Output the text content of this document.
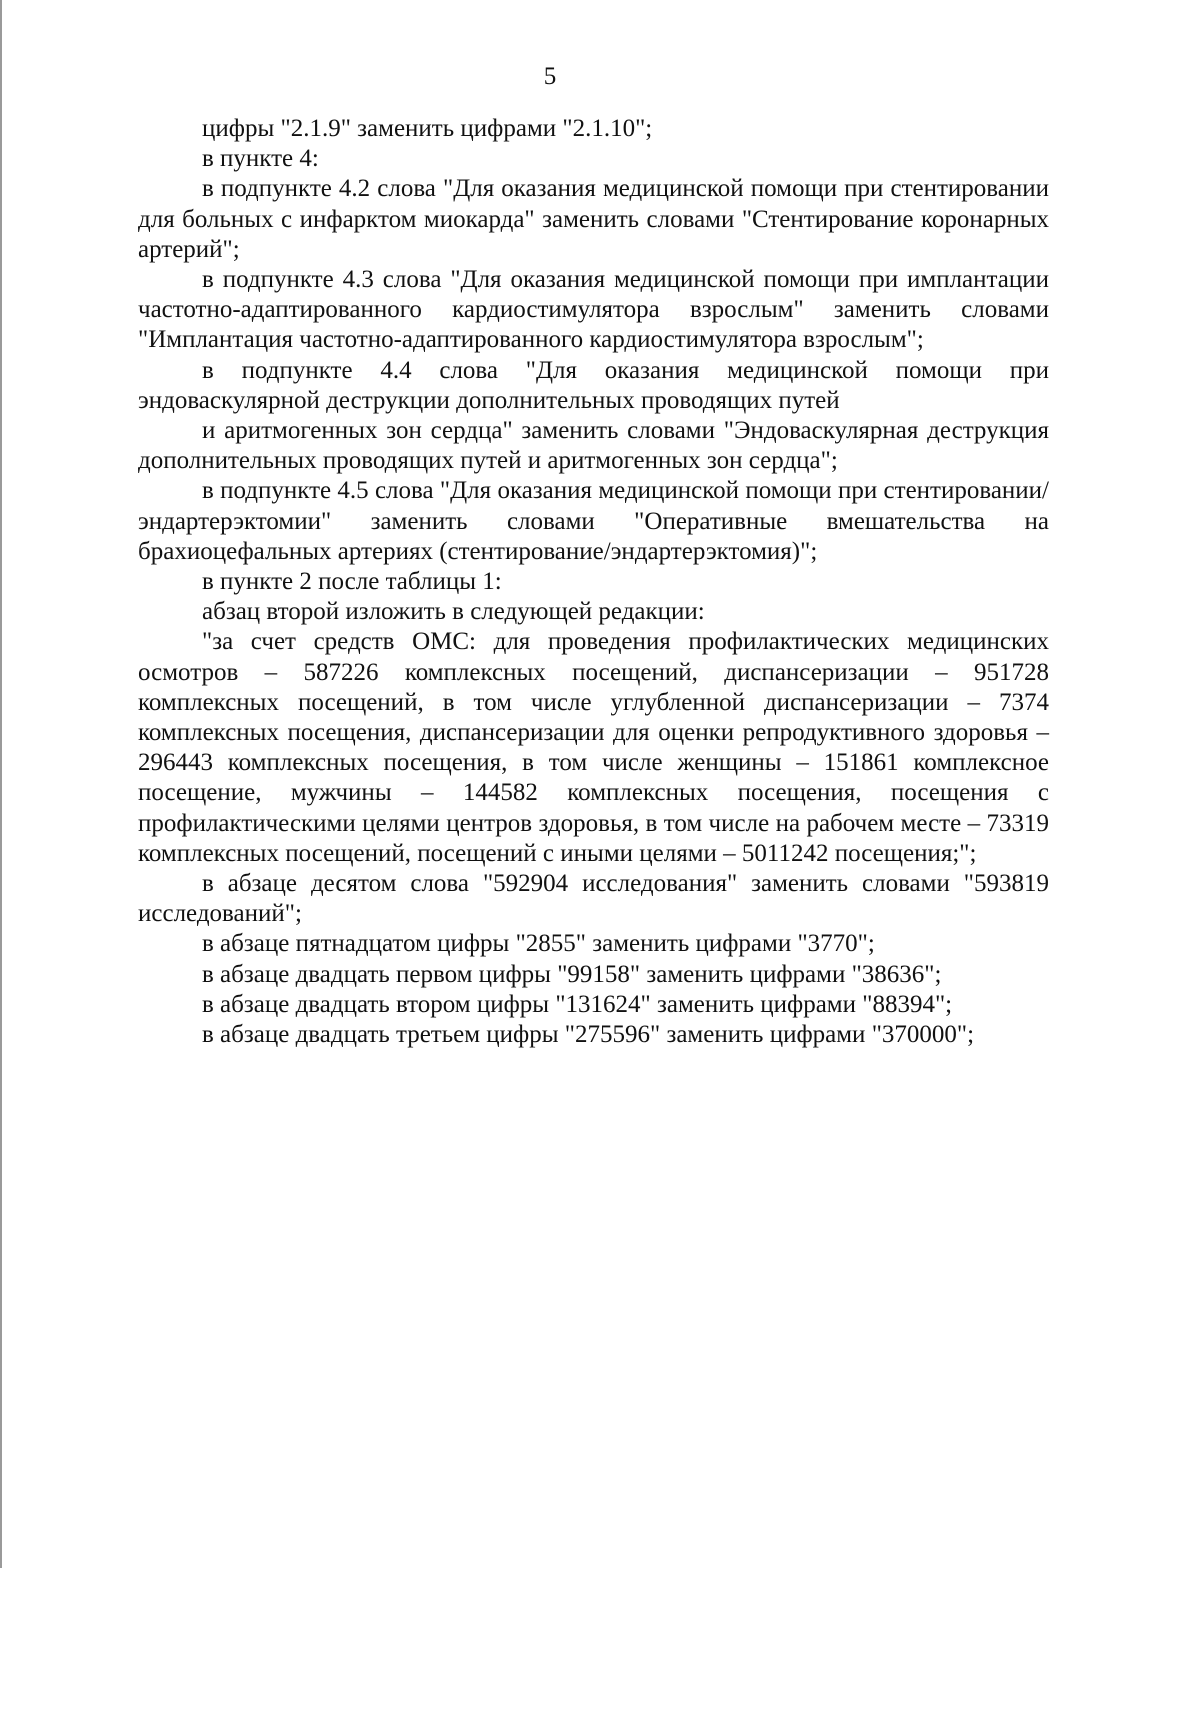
5

цифры "2.1.9" заменить цифрами "2.1.10";

в пункте 4:

в подпункте 4.2 слова "Для оказания медицинской помощи при стентировании для больных с инфарктом миокарда" заменить словами "Стентирование коронарных артерий";

в подпункте 4.3 слова "Для оказания медицинской помощи при имплантации частотно-адаптированного кардиостимулятора взрослым" заменить словами "Имплантация частотно-адаптированного кардиостимулятора взрослым";

в подпункте 4.4 слова "Для оказания медицинской помощи при эндоваскулярной деструкции дополнительных проводящих путей

и аритмогенных зон сердца" заменить словами "Эндоваскулярная деструкция дополнительных проводящих путей и аритмогенных зон сердца";

в подпункте 4.5 слова "Для оказания медицинской помощи при стентировании/эндартерэктомии" заменить словами "Оперативные вмешательства на брахиоцефальных артериях (стентирование/эндартерэктомия)";

в пункте 2 после таблицы 1:

абзац второй изложить в следующей редакции:

"за счет средств ОМС: для проведения профилактических медицинских осмотров – 587226 комплексных посещений, диспансеризации – 951728 комплексных посещений, в том числе углубленной диспансеризации – 7374 комплексных посещения, диспансеризации для оценки репродуктивного здоровья – 296443 комплексных посещения, в том числе женщины – 151861 комплексное посещение, мужчины – 144582 комплексных посещения, посещения с профилактическими целями центров здоровья, в том числе на рабочем месте – 73319 комплексных посещений, посещений с иными целями – 5011242 посещения;";

в абзаце десятом слова "592904 исследования" заменить словами "593819 исследований";

в абзаце пятнадцатом цифры "2855" заменить цифрами "3770";

в абзаце двадцать первом цифры "99158" заменить цифрами "38636";

в абзаце двадцать втором цифры "131624" заменить цифрами "88394";

в абзаце двадцать третьем цифры "275596" заменить цифрами "370000";
